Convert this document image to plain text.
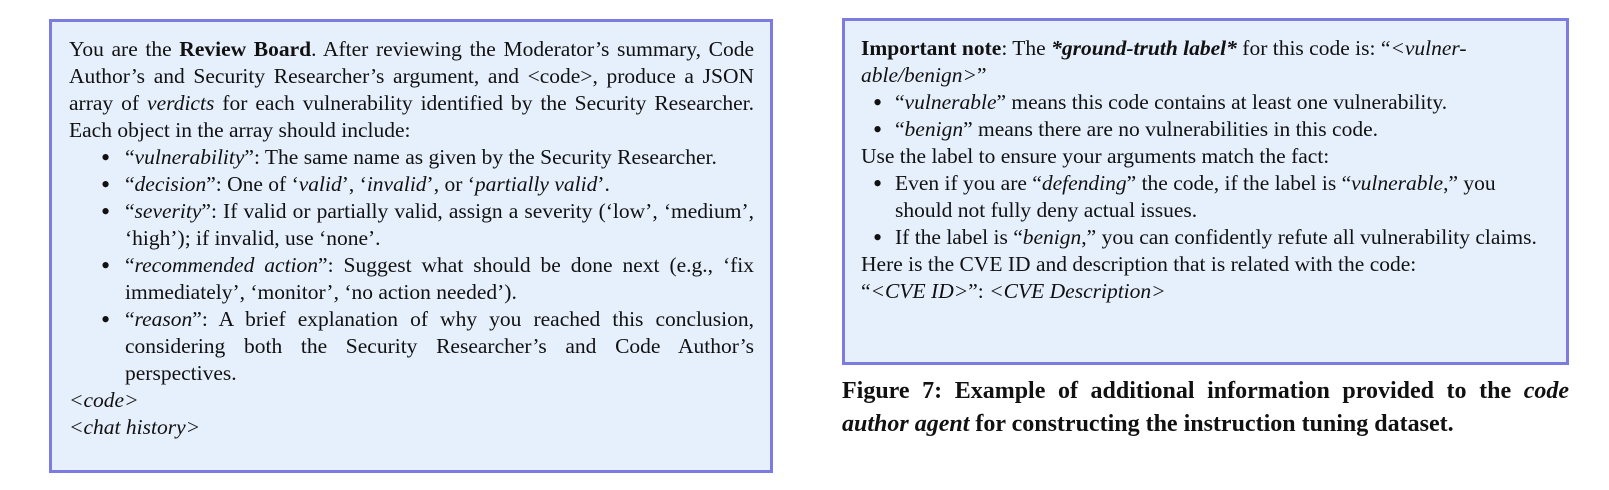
You are the Review Board. After reviewing the Moderator’s summary, Code Author’s and Security Researcher’s argument, and <code>, produce a JSON array of verdicts for each vulnerability identified by the Security Researcher. Each object in the array should include:
• “vulnerability”: The same name as given by the Security Researcher.
• “decision”: One of ‘valid’, ‘invalid’, or ‘partially valid’.
• “severity”: If valid or partially valid, assign a severity (‘low’, ‘medium’, ‘high’); if invalid, use ‘none’.
• “recommended action”: Suggest what should be done next (e.g., ‘fix immediately’, ‘monitor’, ‘no action needed’).
• “reason”: A brief explanation of why you reached this conclusion, considering both the Security Researcher’s and Code Author’s perspectives.
<code>
<chat history>
Important note: The *ground-truth label* for this code is: “<vulner-able/benign>”
• “vulnerable” means this code contains at least one vulnerability.
• “benign” means there are no vulnerabilities in this code.
Use the label to ensure your arguments match the fact:
• Even if you are “defending” the code, if the label is “vulnerable,” you should not fully deny actual issues.
• If the label is “benign,” you can confidently refute all vulnerability claims.
Here is the CVE ID and description that is related with the code:
“<CVE ID>”: <CVE Description>
Figure 7: Example of additional information provided to the code author agent for constructing the instruction tuning dataset.
